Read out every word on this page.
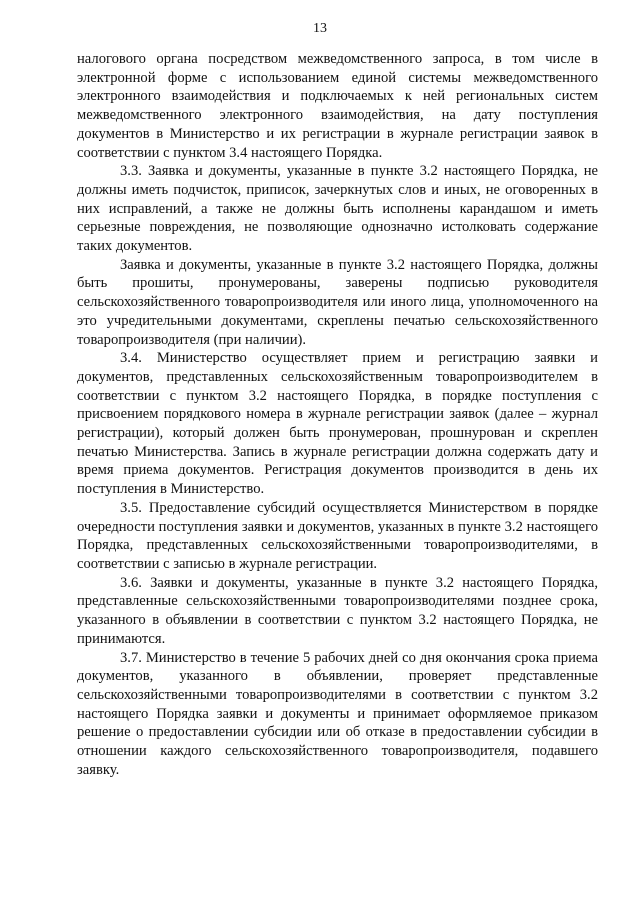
13

налогового органа посредством межведомственного запроса, в том числе в электронной форме с использованием единой системы межведомственного электронного взаимодействия и подключаемых к ней региональных систем межведомственного электронного взаимодействия, на дату поступления документов в Министерство и их регистрации в журнале регистрации заявок в соответствии с пунктом 3.4 настоящего Порядка.

3.3. Заявка и документы, указанные в пункте 3.2 настоящего Порядка, не должны иметь подчисток, приписок, зачеркнутых слов и иных, не оговоренных в них исправлений, а также не должны быть исполнены карандашом и иметь серьезные повреждения, не позволяющие однозначно истолковать содержание таких документов.

Заявка и документы, указанные в пункте 3.2 настоящего Порядка, должны быть прошиты, пронумерованы, заверены подписью руководителя сельскохозяйственного товаропроизводителя или иного лица, уполномоченного на это учредительными документами, скреплены печатью сельскохозяйственного товаропроизводителя (при наличии).

3.4. Министерство осуществляет прием и регистрацию заявки и документов, представленных сельскохозяйственным товаропроизводителем в соответствии с пунктом 3.2 настоящего Порядка, в порядке поступления с присвоением порядкового номера в журнале регистрации заявок (далее – журнал регистрации), который должен быть пронумерован, прошнурован и скреплен печатью Министерства. Запись в журнале регистрации должна содержать дату и время приема документов. Регистрация документов производится в день их поступления в Министерство.

3.5. Предоставление субсидий осуществляется Министерством в порядке очередности поступления заявки и документов, указанных в пункте 3.2 настоящего Порядка, представленных сельскохозяйственными товаропроизводителями, в соответствии с записью в журнале регистрации.

3.6. Заявки и документы, указанные в пункте 3.2 настоящего Порядка, представленные сельскохозяйственными товаропроизводителями позднее срока, указанного в объявлении в соответствии с пунктом 3.2 настоящего Порядка, не принимаются.

3.7. Министерство в течение 5 рабочих дней со дня окончания срока приема документов, указанного в объявлении, проверяет представленные сельскохозяйственными товаропроизводителями в соответствии с пунктом 3.2 настоящего Порядка заявки и документы и принимает оформляемое приказом решение о предоставлении субсидии или об отказе в предоставлении субсидии в отношении каждого сельскохозяйственного товаропроизводителя, подавшего заявку.
